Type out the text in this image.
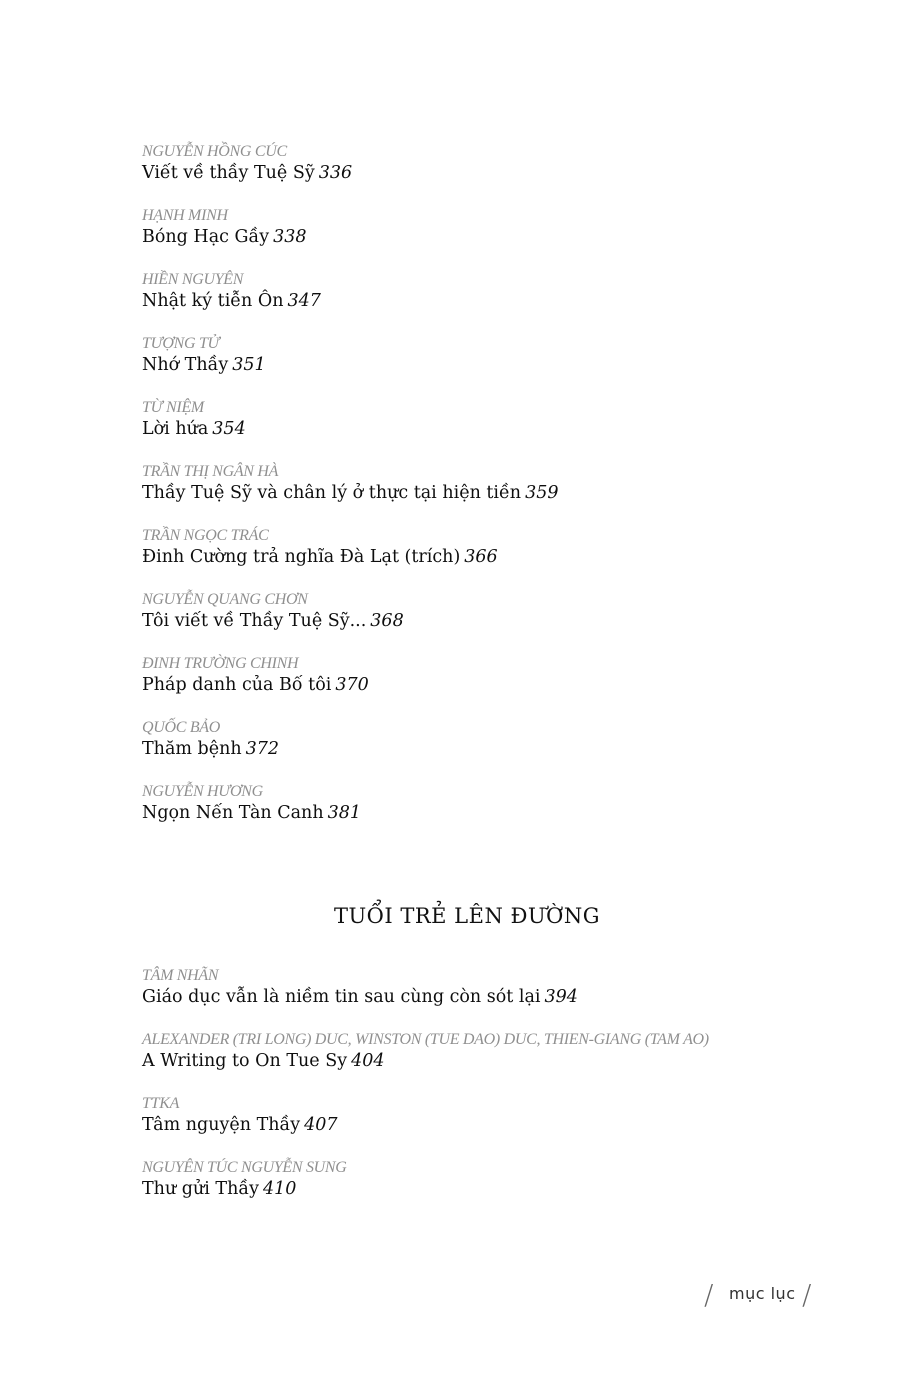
NGUYỄN HỒNG CÚC
Viết về thầy Tuệ Sỹ 336
HẠNH MINH
Bóng Hạc Gầy 338
HIỀN NGUYÊN
Nhật ký tiễn Ôn 347
TƯỢNG TỬ
Nhớ Thầy 351
TỪ NIỆM
Lời hứa 354
TRẦN THỊ NGÂN HÀ
Thầy Tuệ Sỹ và chân lý ở thực tại hiện tiền 359
TRẦN NGỌC TRÁC
Đinh Cường trả nghĩa Đà Lạt (trích) 366
NGUYỄN QUANG CHƠN
Tôi viết về Thầy Tuệ Sỹ... 368
ĐINH TRƯỜNG CHINH
Pháp danh của Bố tôi 370
QUỐC BẢO
Thăm bệnh 372
NGUYỄN HƯƠNG
Ngọn Nến Tàn Canh 381
TUỔI TRẺ LÊN ĐƯỜNG
TÂM NHÃN
Giáo dục vẫn là niềm tin sau cùng còn sót lại 394
ALEXANDER (TRI LONG) DUC, WINSTON (TUE DAO) DUC, THIEN-GIANG (TAM AO)
A Writing to On Tue Sy 404
TTKA
Tâm nguyện Thầy 407
NGUYÊN TÚC NGUYỄN SUNG
Thư gửi Thầy 410
/ mục lục /
